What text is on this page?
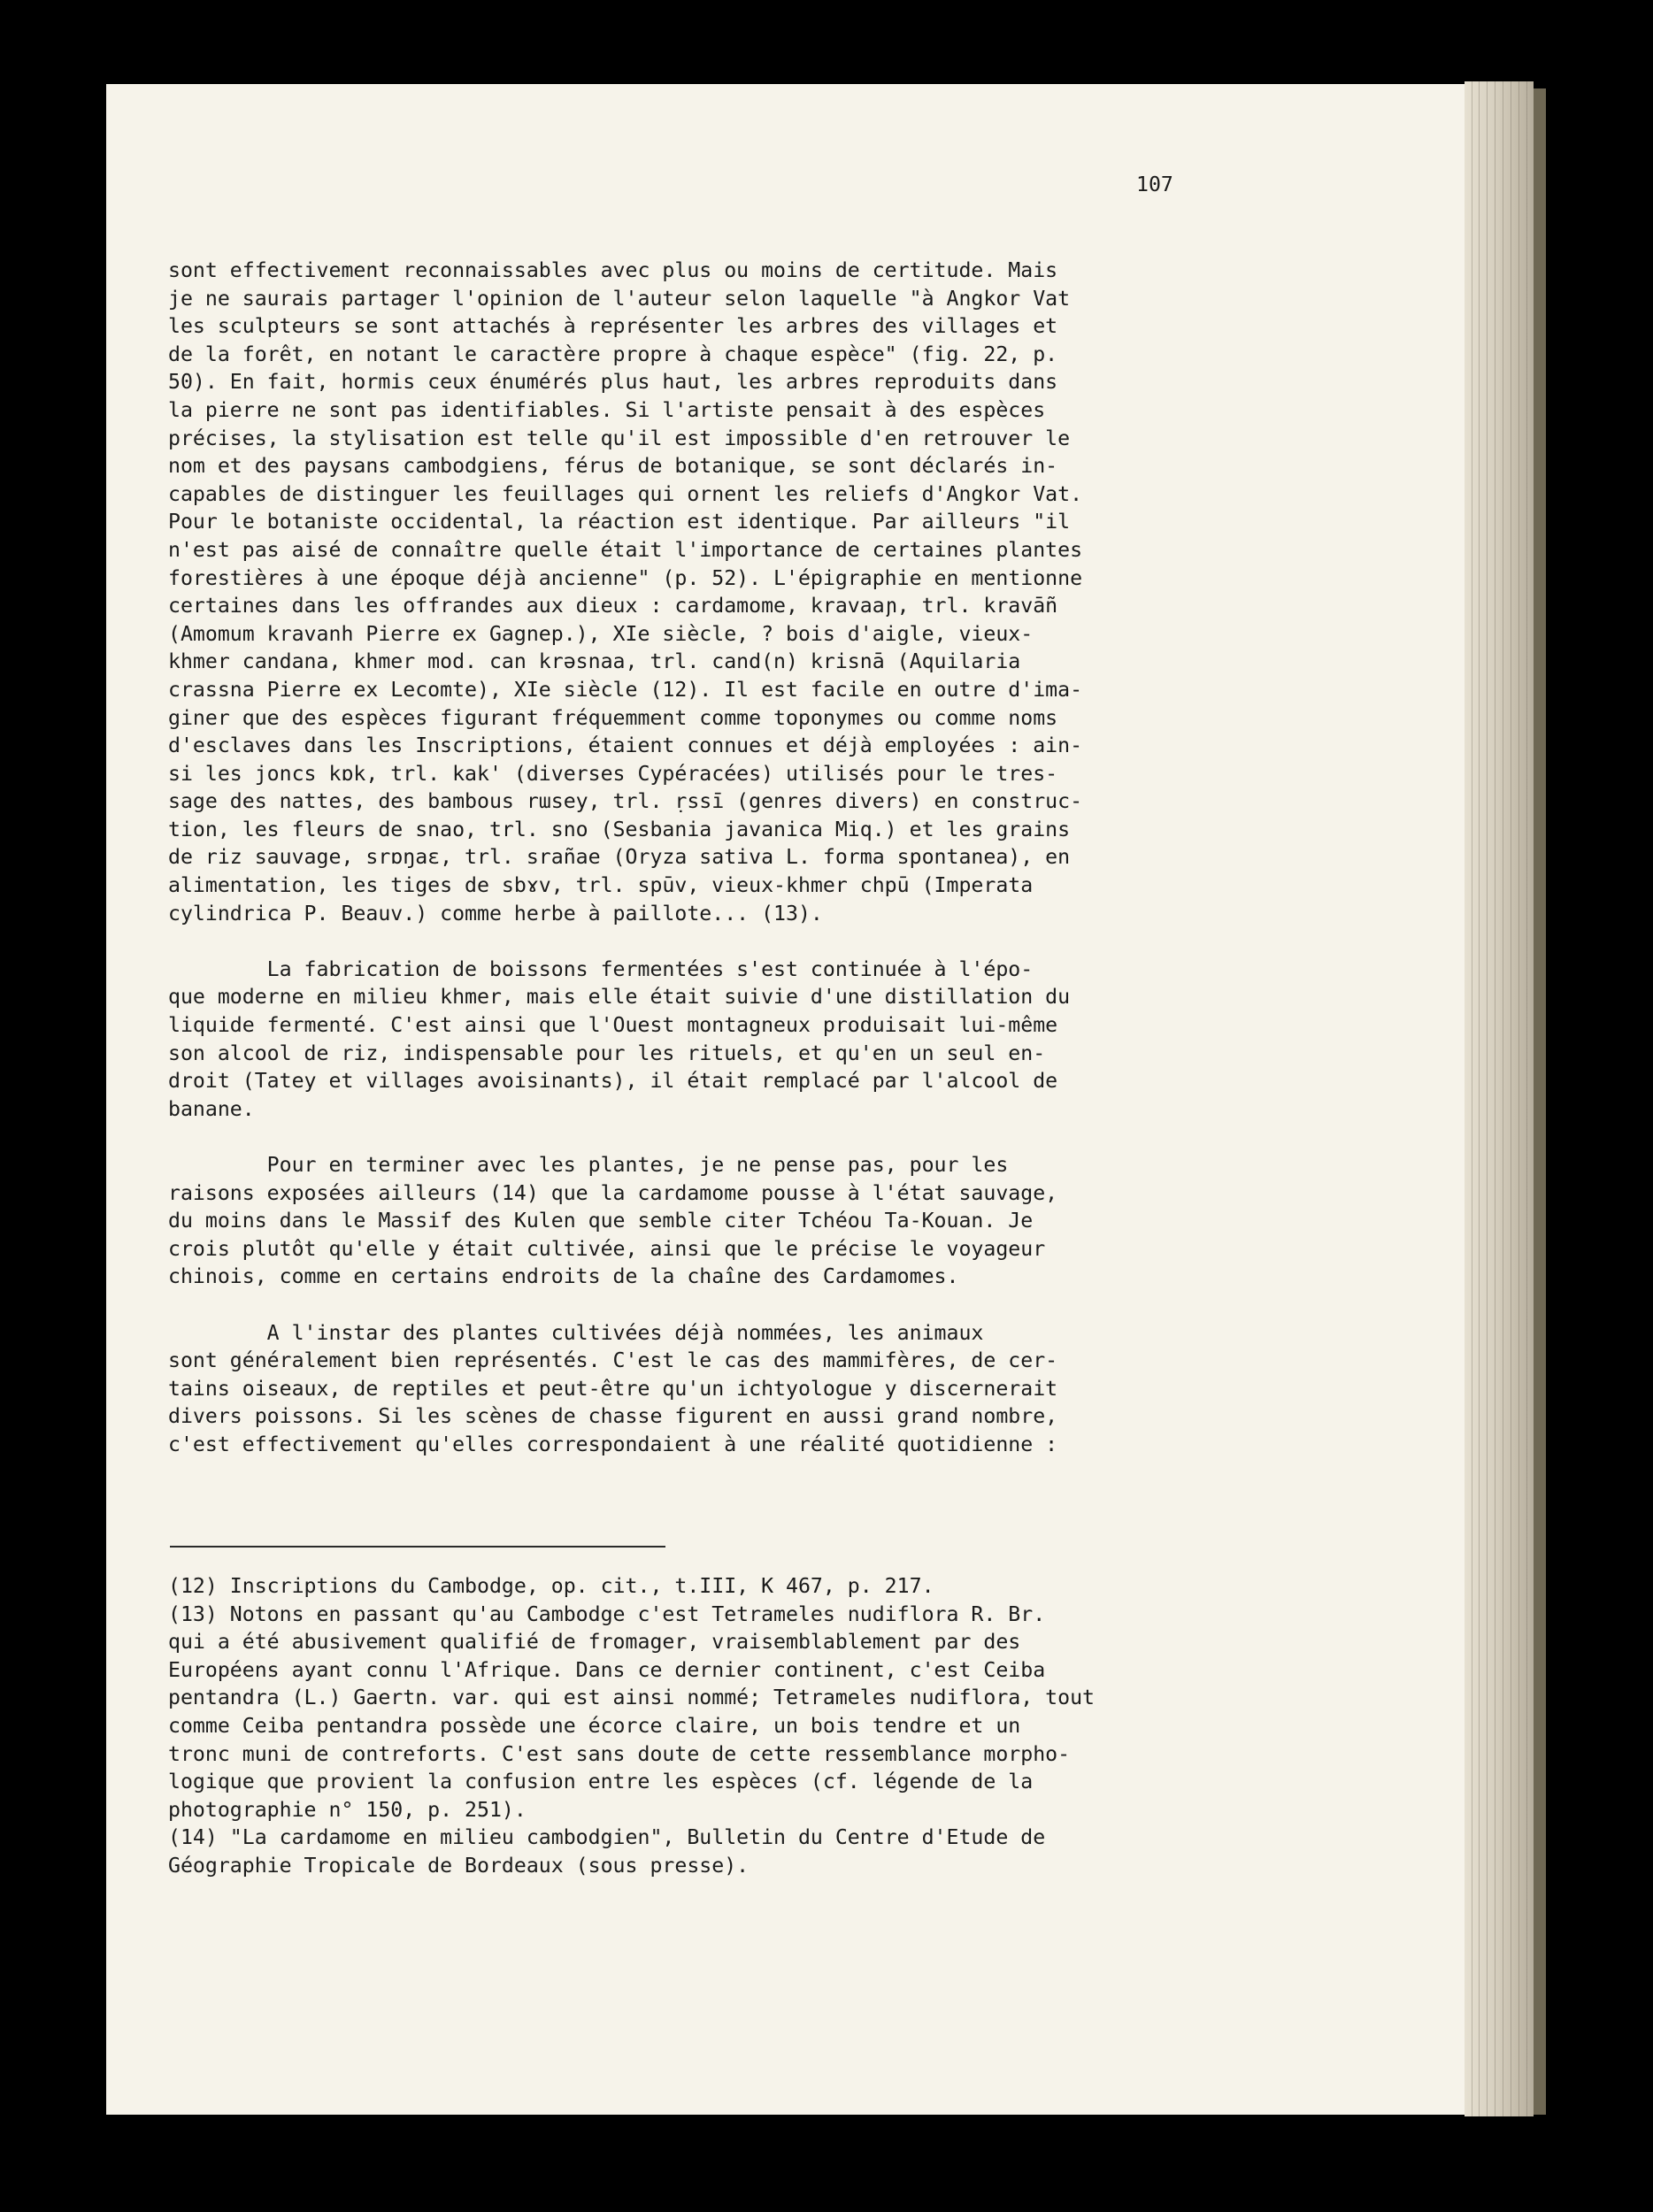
107
sont effectivement reconnaissables avec plus ou moins de certitude. Mais
je ne saurais partager l'opinion de l'auteur selon laquelle "à Angkor Vat
les sculpteurs se sont attachés à représenter les arbres des villages et
de la forêt, en notant le caractère propre à chaque espèce" (fig. 22, p.
50). En fait, hormis ceux énumérés plus haut, les arbres reproduits dans
la pierre ne sont pas identifiables. Si l'artiste pensait à des espèces
précises, la stylisation est telle qu'il est impossible d'en retrouver le
nom et des paysans cambodgiens, férus de botanique, se sont déclarés in-
capables de distinguer les feuillages qui ornent les reliefs d'Angkor Vat.
Pour le botaniste occidental, la réaction est identique. Par ailleurs "il
n'est pas aisé de connaître quelle était l'importance de certaines plantes
forestières à une époque déjà ancienne" (p. 52). L'épigraphie en mentionne
certaines dans les offrandes aux dieux : cardamome, kravaaɲ, trl. kravāñ
(Amomum kravanh Pierre ex Gagnep.), XIe siècle, ? bois d'aigle, vieux-
khmer candana, khmer mod. can krəsnaa, trl. cand(n) krisnā (Aquilaria
crassna Pierre ex Lecomte), XIe siècle (12). Il est facile en outre d'ima-
giner que des espèces figurant fréquemment comme toponymes ou comme noms
d'esclaves dans les Inscriptions, étaient connues et déjà employées : ain-
si les joncs kɒk, trl. kak' (diverses Cypéracées) utilisés pour le tres-
sage des nattes, des bambous rɯsey, trl. ṛssī (genres divers) en construc-
tion, les fleurs de snao, trl. sno (Sesbania javanica Miq.) et les grains
de riz sauvage, srɒŋaɛ, trl. srañae (Oryza sativa L. forma spontanea), en
alimentation, les tiges de sbɤv, trl. spūv, vieux-khmer chpū (Imperata
cylindrica P. Beauv.) comme herbe à paillote... (13).
La fabrication de boissons fermentées s'est continuée à l'épo-
que moderne en milieu khmer, mais elle était suivie d'une distillation du
liquide fermenté. C'est ainsi que l'Ouest montagneux produisait lui-même
son alcool de riz, indispensable pour les rituels, et qu'en un seul en-
droit (Tatey et villages avoisinants), il était remplacé par l'alcool de
banane.
Pour en terminer avec les plantes, je ne pense pas, pour les
raisons exposées ailleurs (14) que la cardamome pousse à l'état sauvage,
du moins dans le Massif des Kulen que semble citer Tchéou Ta-Kouan. Je
crois plutôt qu'elle y était cultivée, ainsi que le précise le voyageur
chinois, comme en certains endroits de la chaîne des Cardamomes.
A l'instar des plantes cultivées déjà nommées, les animaux
sont généralement bien représentés. C'est le cas des mammifères, de cer-
tains oiseaux, de reptiles et peut-être qu'un ichtyologue y discernerait
divers poissons. Si les scènes de chasse figurent en aussi grand nombre,
c'est effectivement qu'elles correspondaient à une réalité quotidienne :
(12) Inscriptions du Cambodge, op. cit., t.III, K 467, p. 217.
(13) Notons en passant qu'au Cambodge c'est Tetrameles nudiflora R. Br.
qui a été abusivement qualifié de fromager, vraisemblablement par des
Européens ayant connu l'Afrique. Dans ce dernier continent, c'est Ceiba
pentandra (L.) Gaertn. var. qui est ainsi nommé; Tetrameles nudiflora, tout
comme Ceiba pentandra possède une écorce claire, un bois tendre et un
tronc muni de contreforts. C'est sans doute de cette ressemblance morpho-
logique que provient la confusion entre les espèces (cf. légende de la
photographie n° 150, p. 251).
(14) "La cardamome en milieu cambodgien", Bulletin du Centre d'Etude de
Géographie Tropicale de Bordeaux (sous presse).
